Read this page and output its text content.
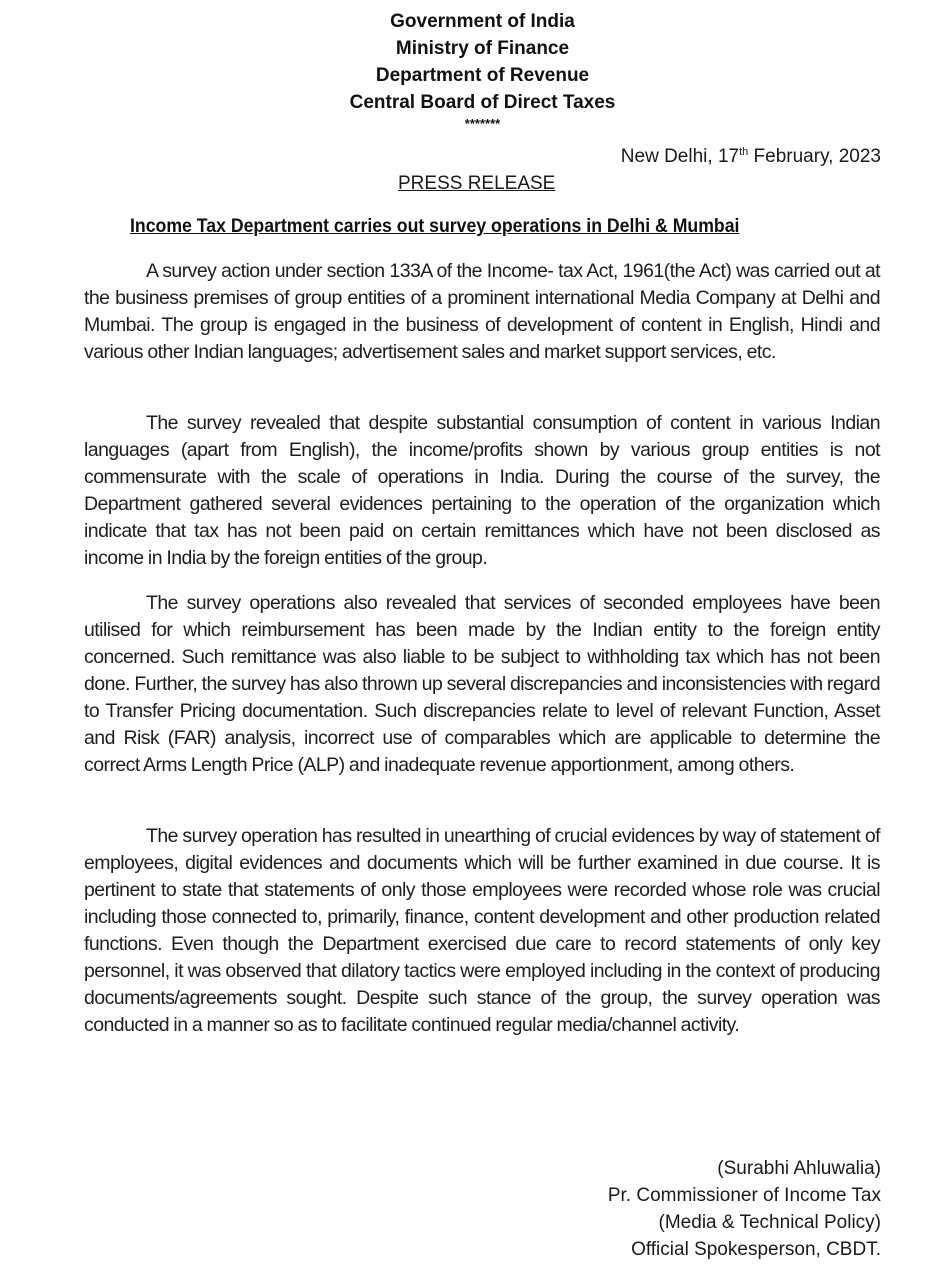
Government of India
Ministry of Finance
Department of Revenue
Central Board of Direct Taxes
*******
New Delhi, 17th February, 2023
PRESS RELEASE
Income Tax Department carries out survey operations in Delhi & Mumbai

A survey action under section 133A of the Income- tax Act, 1961(the Act) was carried out at the business premises of group entities of a prominent international Media Company at Delhi and Mumbai. The group is engaged in the business of development of content in English, Hindi and various other Indian languages; advertisement sales and market support services, etc.

The survey revealed that despite substantial consumption of content in various Indian languages (apart from English), the income/profits shown by various group entities is not commensurate with the scale of operations in India. During the course of the survey, the Department gathered several evidences pertaining to the operation of the organization which indicate that tax has not been paid on certain remittances which have not been disclosed as income in India by the foreign entities of the group.

The survey operations also revealed that services of seconded employees have been utilised for which reimbursement has been made by the Indian entity to the foreign entity concerned. Such remittance was also liable to be subject to withholding tax which has not been done. Further, the survey has also thrown up several discrepancies and inconsistencies with regard to Transfer Pricing documentation. Such discrepancies relate to level of relevant Function, Asset and Risk (FAR) analysis, incorrect use of comparables which are applicable to determine the correct Arms Length Price (ALP) and inadequate revenue apportionment, among others.

The survey operation has resulted in unearthing of crucial evidences by way of statement of employees, digital evidences and documents which will be further examined in due course. It is pertinent to state that statements of only those employees were recorded whose role was crucial including those connected to, primarily, finance, content development and other production related functions. Even though the Department exercised due care to record statements of only key personnel, it was observed that dilatory tactics were employed including in the context of producing documents/agreements sought. Despite such stance of the group, the survey operation was conducted in a manner so as to facilitate continued regular media/channel activity.

(Surabhi Ahluwalia)
Pr. Commissioner of Income Tax
(Media & Technical Policy)
Official Spokesperson, CBDT.
